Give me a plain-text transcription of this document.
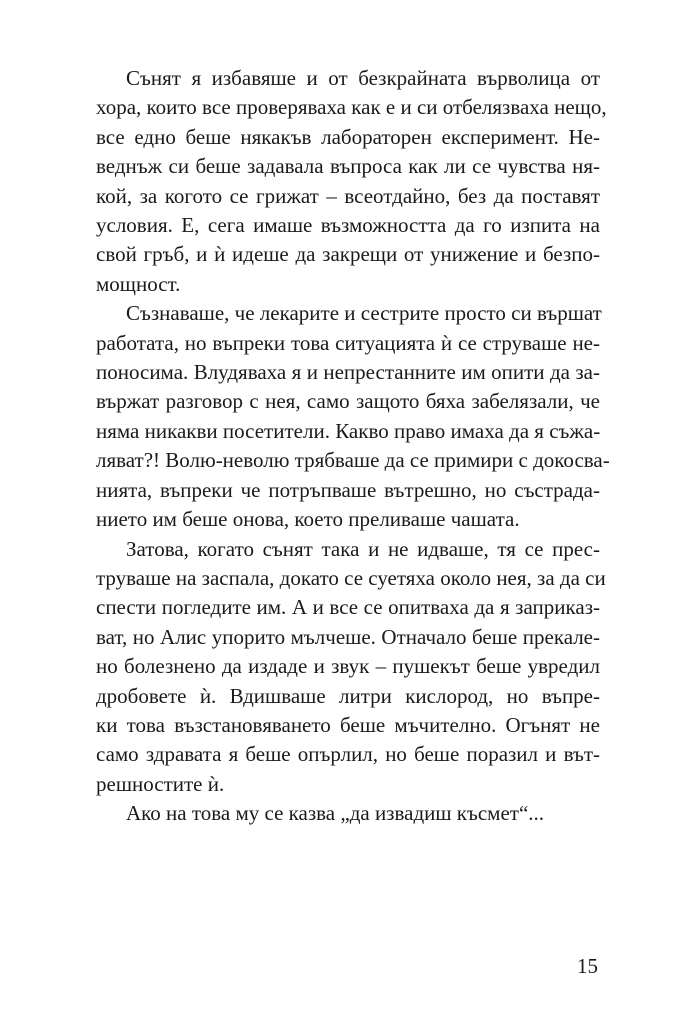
Сънят я избавяше и от безкрайната върволица от
хора, които все проверяваха как е и си отбелязваха нещо,
все едно беше някакъв лабораторен експеримент. Не-
веднъж си беше задавала въпроса как ли се чувства ня-
кой, за когото се грижат – всеотдайно, без да поставят
условия. Е, сега имаше възможността да го изпита на
свой гръб, и ѝ идеше да закрещи от унижение и безпо-
мощност.
Съзнаваше, че лекарите и сестрите просто си вършат
работата, но въпреки това ситуацията ѝ се струваше не-
поносима. Влудяваха я и непрестанните им опити да за-
вържат разговор с нея, само защото бяха забелязали, че
няма никакви посетители. Какво право имаха да я съжа-
ляват?! Волю-неволю трябваше да се примири с докосва-
нията, въпреки че потръпваше вътрешно, но състрада-
нието им беше онова, което преливаше чашата.
Затова, когато сънят така и не идваше, тя се прес-
труваше на заспала, докато се суетяха около нея, за да си
спести погледите им. А и все се опитваха да я заприказ-
ват, но Алис упорито мълчеше. Отначало беше прекале-
но болезнено да издаде и звук – пушекът беше увредил
дробовете ѝ. Вдишваше литри кислород, но въпре-
ки това възстановяването беше мъчително. Огънят не
само здравата я беше опърлил, но беше поразил и вът-
решностите ѝ.
Ако на това му се казва „да извадиш късмет“...
15
